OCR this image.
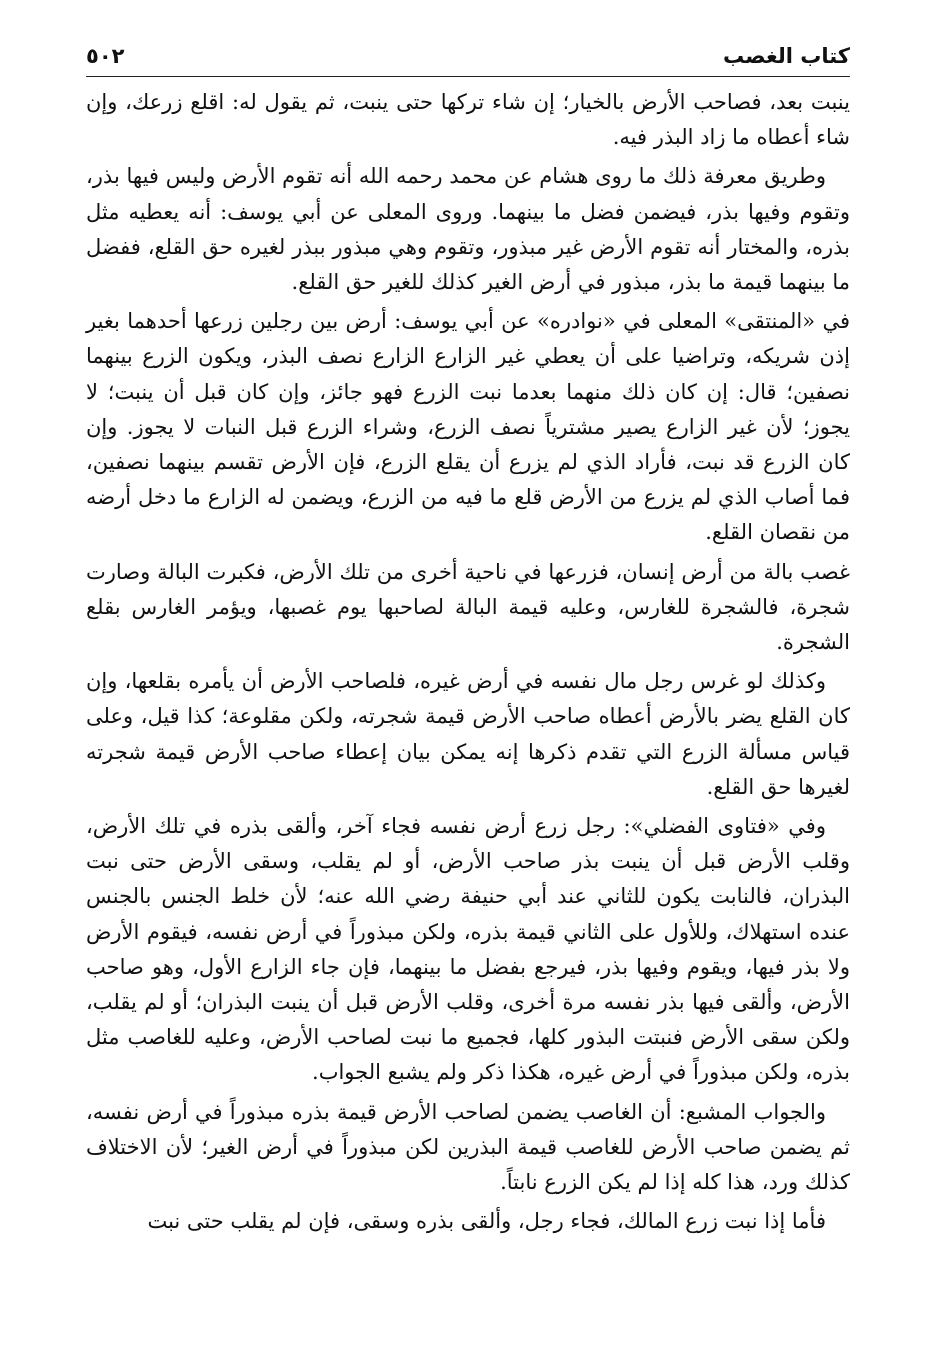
كتاب الغصب
٥٠٢

ينبت بعد، فصاحب الأرض بالخيار؛ إن شاء تركها حتى ينبت، ثم يقول له: اقلع زرعك، وإن شاء أعطاه ما زاد البذر فيه.

وطريق معرفة ذلك ما روى هشام عن محمد رحمه الله أنه تقوم الأرض وليس فيها بذر، وتقوم وفيها بذر، فيضمن فضل ما بينهما. وروى المعلى عن أبي يوسف: أنه يعطيه مثل بذره، والمختار أنه تقوم الأرض غير مبذور، وتقوم وهي مبذور ببذر لغيره حق القلع، ففضل ما بينهما قيمة ما بذر، مبذور في أرض الغير كذلك للغير حق القلع.

في «المنتقى» المعلى في «نوادره» عن أبي يوسف: أرض بين رجلين زرعها أحدهما بغير إذن شريكه، وتراضيا على أن يعطي غير الزارع الزارع نصف البذر، ويكون الزرع بينهما نصفين؛ قال: إن كان ذلك منهما بعدما نبت الزرع فهو جائز، وإن كان قبل أن ينبت؛ لا يجوز؛ لأن غير الزارع يصير مشترياً نصف الزرع، وشراء الزرع قبل النبات لا يجوز. وإن كان الزرع قد نبت، فأراد الذي لم يزرع أن يقلع الزرع، فإن الأرض تقسم بينهما نصفين، فما أصاب الذي لم يزرع من الأرض قلع ما فيه من الزرع، ويضمن له الزارع ما دخل أرضه من نقصان القلع.

غصب بالة من أرض إنسان، فزرعها في ناحية أخرى من تلك الأرض، فكبرت البالة وصارت شجرة، فالشجرة للغارس، وعليه قيمة البالة لصاحبها يوم غصبها، ويؤمر الغارس بقلع الشجرة.

وكذلك لو غرس رجل مال نفسه في أرض غيره، فلصاحب الأرض أن يأمره بقلعها، وإن كان القلع يضر بالأرض أعطاه صاحب الأرض قيمة شجرته، ولكن مقلوعة؛ كذا قيل، وعلى قياس مسألة الزرع التي تقدم ذكرها إنه يمكن بيان إعطاء صاحب الأرض قيمة شجرته لغيرها حق القلع.

وفي «فتاوى الفضلي»: رجل زرع أرض نفسه فجاء آخر، وألقى بذره في تلك الأرض، وقلب الأرض قبل أن ينبت بذر صاحب الأرض، أو لم يقلب، وسقى الأرض حتى نبت البذران، فالنابت يكون للثاني عند أبي حنيفة رضي الله عنه؛ لأن خلط الجنس بالجنس عنده استهلاك، وللأول على الثاني قيمة بذره، ولكن مبذوراً في أرض نفسه، فيقوم الأرض ولا بذر فيها، ويقوم وفيها بذر، فيرجع بفضل ما بينهما، فإن جاء الزارع الأول، وهو صاحب الأرض، وألقى فيها بذر نفسه مرة أخرى، وقلب الأرض قبل أن ينبت البذران؛ أو لم يقلب، ولكن سقى الأرض فنبتت البذور كلها، فجميع ما نبت لصاحب الأرض، وعليه للغاصب مثل بذره، ولكن مبذوراً في أرض غيره، هكذا ذكر ولم يشبع الجواب.

والجواب المشبع: أن الغاصب يضمن لصاحب الأرض قيمة بذره مبذوراً في أرض نفسه، ثم يضمن صاحب الأرض للغاصب قيمة البذرين لكن مبذوراً في أرض الغير؛ لأن الاختلاف كذلك ورد، هذا كله إذا لم يكن الزرع نابتاً.

فأما إذا نبت زرع المالك، فجاء رجل، وألقى بذره وسقى، فإن لم يقلب حتى نبت
